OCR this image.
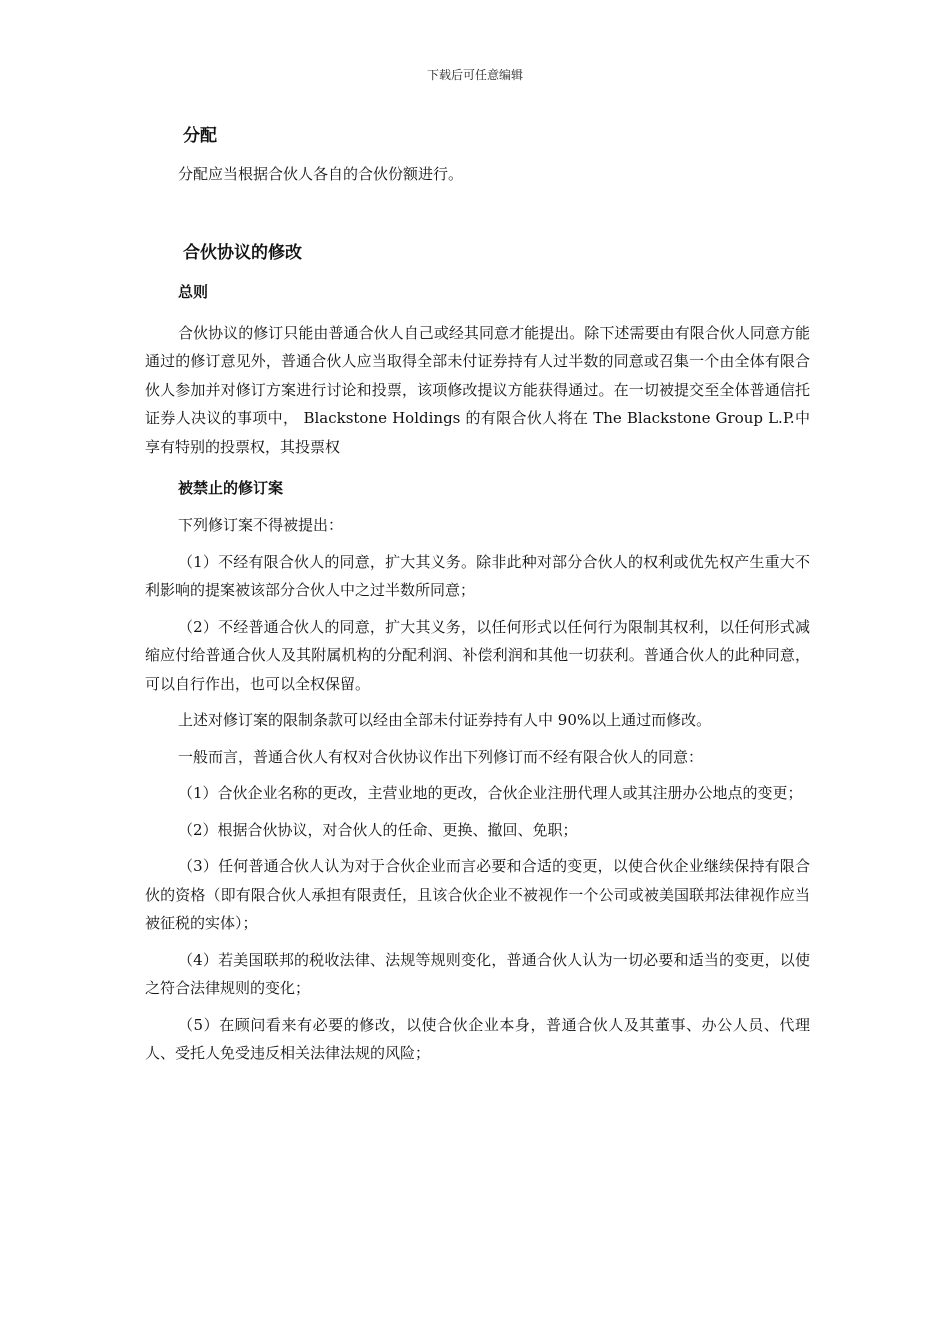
下载后可任意编辑
分配

分配应当根据合伙人各自的合伙份额进行。

合伙协议的修改
总则

合伙协议的修订只能由普通合伙人自己或经其同意才能提出。除下述需要由有限合伙人同意方能通过的修订意见外，普通合伙人应当取得全部未付证券持有人过半数的同意或召集一个由全体有限合伙人参加并对修订方案进行讨论和投票，该项修改提议方能获得通过。在一切被提交至全体普通信托证券人决议的事项中， Blackstone Holdings 的有限合伙人将在 The Blackstone Group L.P.中享有特别的投票权，其投票权

被禁止的修订案

下列修订案不得被提出：

（1）不经有限合伙人的同意，扩大其义务。除非此种对部分合伙人的权利或优先权产生重大不利影响的提案被该部分合伙人中之过半数所同意；

（2）不经普通合伙人的同意，扩大其义务，以任何形式以任何行为限制其权利，以任何形式减缩应付给普通合伙人及其附属机构的分配利润、补偿利润和其他一切获利。普通合伙人的此种同意，可以自行作出，也可以全权保留。

上述对修订案的限制条款可以经由全部未付证券持有人中 90%以上通过而修改。

一般而言，普通合伙人有权对合伙协议作出下列修订而不经有限合伙人的同意：

（1）合伙企业名称的更改，主营业地的更改，合伙企业注册代理人或其注册办公地点的变更；

（2）根据合伙协议，对合伙人的任命、更换、撤回、免职；

（3）任何普通合伙人认为对于合伙企业而言必要和合适的变更，以使合伙企业继续保持有限合伙的资格（即有限合伙人承担有限责任，且该合伙企业不被视作一个公司或被美国联邦法律视作应当被征税的实体）；

（4）若美国联邦的税收法律、法规等规则变化，普通合伙人认为一切必要和适当的变更，以使之符合法律规则的变化；

（5）在顾问看来有必要的修改，以使合伙企业本身，普通合伙人及其董事、办公人员、代理人、受托人免受违反相关法律法规的风险；
